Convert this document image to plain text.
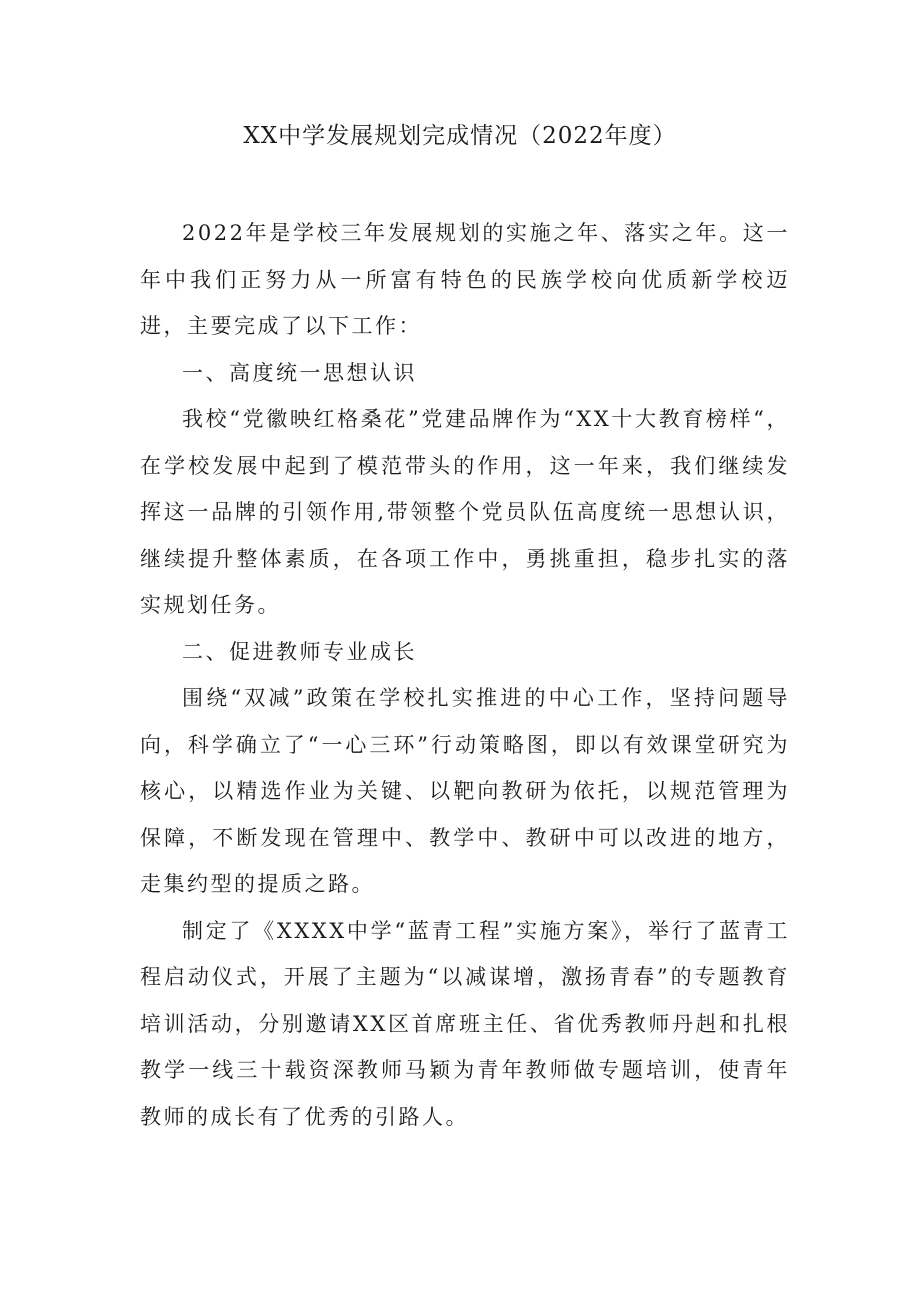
XX中学发展规划完成情况（2022年度）

2022年是学校三年发展规划的实施之年、落实之年。这一年中我们正努力从一所富有特色的民族学校向优质新学校迈进，主要完成了以下工作：

一、高度统一思想认识

我校“党徽映红格桑花”党建品牌作为“XX十大教育榜样“，在学校发展中起到了模范带头的作用，这一年来，我们继续发挥这一品牌的引领作用,带领整个党员队伍高度统一思想认识，继续提升整体素质，在各项工作中，勇挑重担，稳步扎实的落实规划任务。

二、促进教师专业成长

围绕“双减”政策在学校扎实推进的中心工作，坚持问题导向，科学确立了“一心三环”行动策略图，即以有效课堂研究为核心，以精选作业为关键、以靶向教研为依托，以规范管理为保障，不断发现在管理中、教学中、教研中可以改进的地方，走集约型的提质之路。

制定了《XXXX中学“蓝青工程”实施方案》，举行了蓝青工程启动仪式，开展了主题为“以减谋增，激扬青春”的专题教育培训活动，分别邀请XX区首席班主任、省优秀教师丹赳和扎根教学一线三十载资深教师马颖为青年教师做专题培训，使青年教师的成长有了优秀的引路人。
